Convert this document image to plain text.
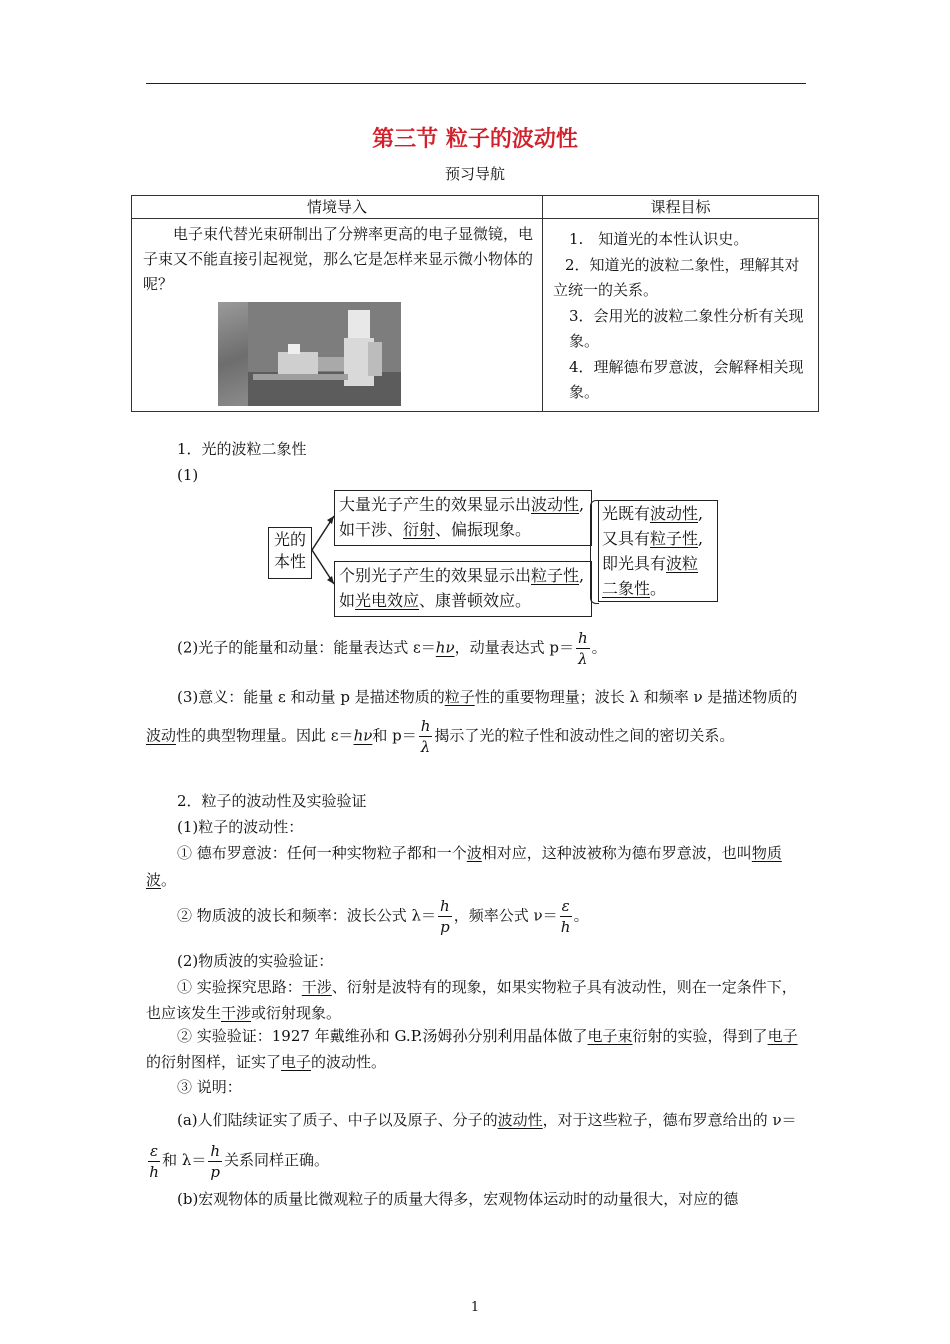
第三节 粒子的波动性
预习导航
情境导入	课程目标

电子束代替光束研制出了分辨率更高的电子显微镜，电子束又不能直接引起视觉，那么它是怎样来显示微小物体的呢？	1.　知道光的本性认识史。
2．知道光的波粒二象性，理解其对立统一的关系。
3．会用光的波粒二象性分析有关现象。
4．理解德布罗意波，会解释相关现象。
1．光的波粒二象性
(1)
光的本性
大量光子产生的效果显示出波动性,如干涉、衍射、偏振现象。
个别光子产生的效果显示出粒子性,如光电效应、康普顿效应。
光既有波动性,又具有粒子性,即光具有波粒二象性。
(2)光子的能量和动量：能量表达式 ε＝hν，动量表达式 $p= \frac{h}{\lambda}$ 。
(3)意义：能量 ε 和动量 p 是描述物质的粒子性的重要物理量；波长 λ 和频率 ν 是描述物质的波动性的典型物理量。因此 ε＝hν和 $p= \frac{h}{\lambda}$ 揭示了光的粒子性和波动性之间的密切关系。
2．粒子的波动性及实验验证
(1)粒子的波动性：
① 德布罗意波：任何一种实物粒子都和一个波相对应，这种波被称为德布罗意波，也叫物质波。
② 物质波的波长和频率：波长公式 $\lambda= \frac{h}{p}$ ，频率公式 $\nu= \frac{\varepsilon}{h}$ 。
(2)物质波的实验验证：
① 实验探究思路：干涉、衍射是波特有的现象，如果实物粒子具有波动性，则在一定条件下，也应该发生干涉或衍射现象。
② 实验验证：1927 年戴维孙和 G.P.汤姆孙分别利用晶体做了电子束衍射的实验，得到了电子的衍射图样，证实了电子的波动性。
③ 说明：
(a)人们陆续证实了质子、中子以及原子、分子的波动性，对于这些粒子，德布罗意给出的 ν＝
$\frac{\varepsilon}{h}$ 和 $\lambda= \frac{h}{p}$ 关系同样正确。
(b)宏观物体的质量比微观粒子的质量大得多，宏观物体运动时的动量很大，对应的德
1
